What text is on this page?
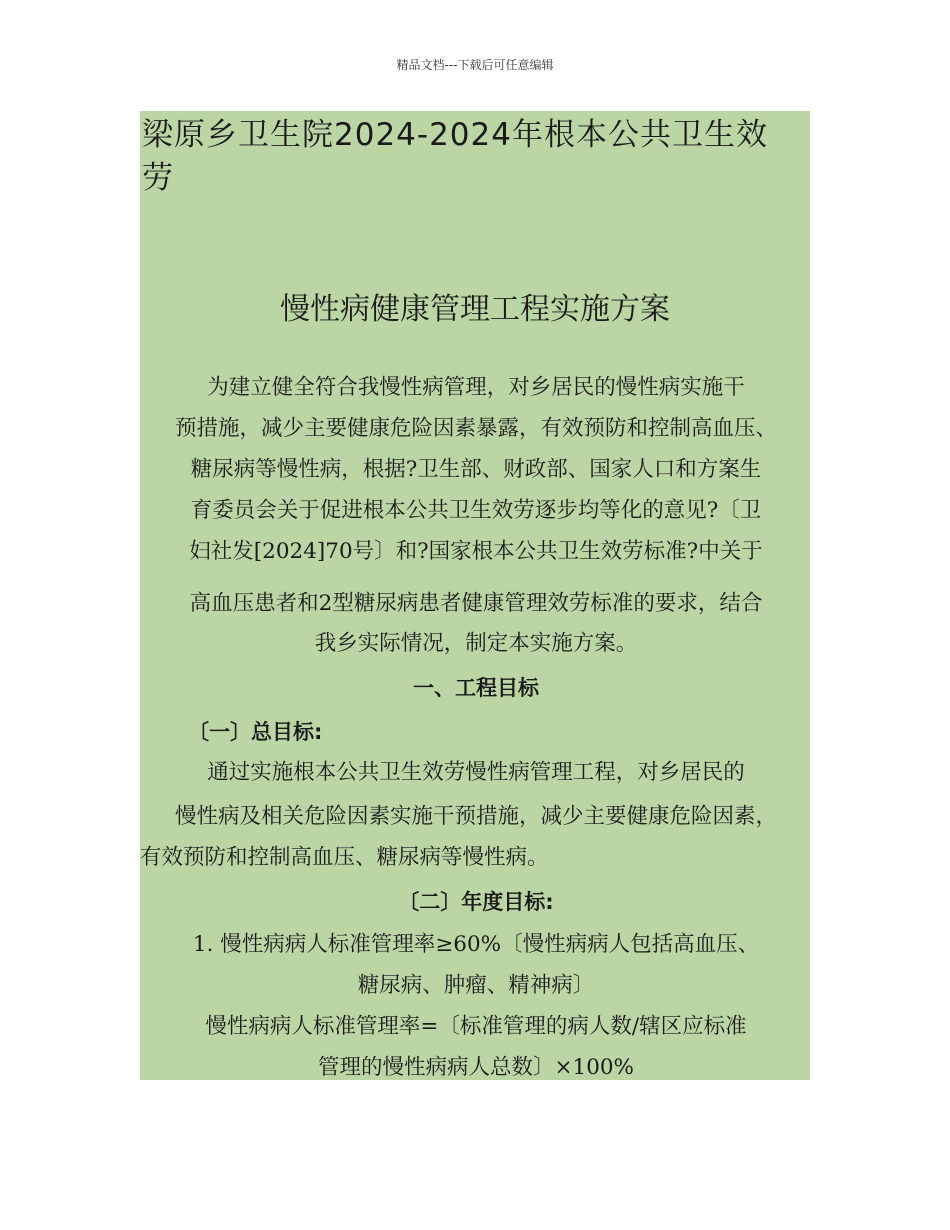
精品文档---下载后可任意编辑
梁原乡卫生院2024-2024年根本公共卫生效
劳
慢性病健康管理工程实施方案
为建立健全符合我慢性病管理，对乡居民的慢性病实施干
预措施，减少主要健康危险因素暴露，有效预防和控制高血压、
糖尿病等慢性病，根据?卫生部、财政部、国家人口和方案生
育委员会关于促进根本公共卫生效劳逐步均等化的意见?〔卫
妇社发[2024]70号〕和?国家根本公共卫生效劳标准?中关于
高血压患者和2型糖尿病患者健康管理效劳标准的要求，结合
我乡实际情况，制定本实施方案。
一、工程目标
〔一〕总目标:
通过实施根本公共卫生效劳慢性病管理工程，对乡居民的
慢性病及相关危险因素实施干预措施，减少主要健康危险因素，
有效预防和控制高血压、糖尿病等慢性病。
〔二〕年度目标:
1. 慢性病病人标准管理率≥60%〔慢性病病人包括高血压、
糖尿病、肿瘤、精神病〕
慢性病病人标准管理率=〔标准管理的病人数/辖区应标准
管理的慢性病病人总数〕×100%
